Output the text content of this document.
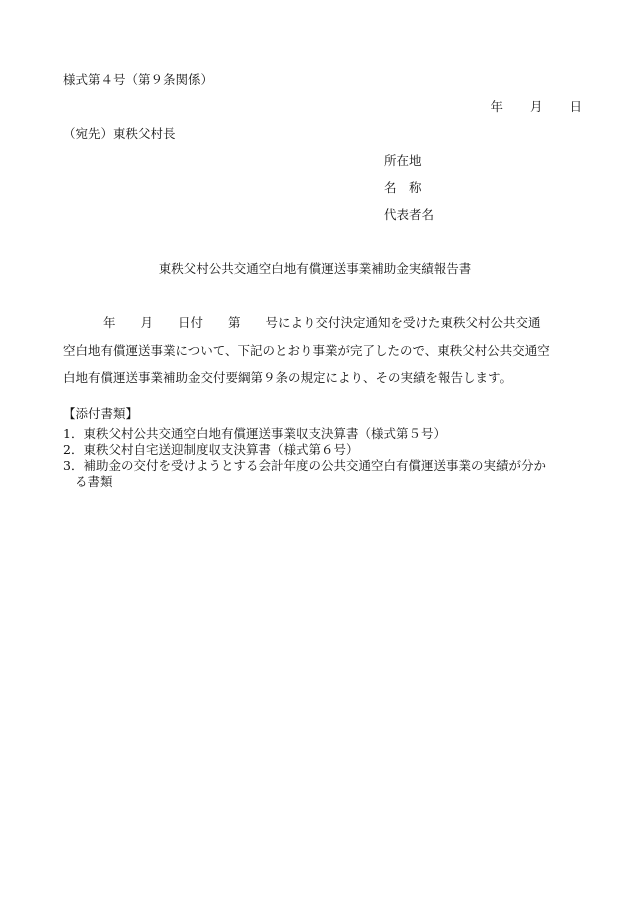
様式第４号（第９条関係）
年 月 日
（宛先）東秩父村長
所在地
名　称
代表者名
東秩父村公共交通空白地有償運送事業補助金実績報告書
年　　月　　日付　　第　　号により交付決定通知を受けた東秩父村公共交通
空白地有償運送事業について、下記のとおり事業が完了したので、東秩父村公共交通空
白地有償運送事業補助金交付要綱第９条の規定により、その実績を報告します。
【添付書類】
1．東秩父村公共交通空白地有償運送事業収支決算書（様式第５号）
2．東秩父村自宅送迎制度収支決算書（様式第６号）
3．補助金の交付を受けようとする会計年度の公共交通空白有償運送事業の実績が分か
る書類
